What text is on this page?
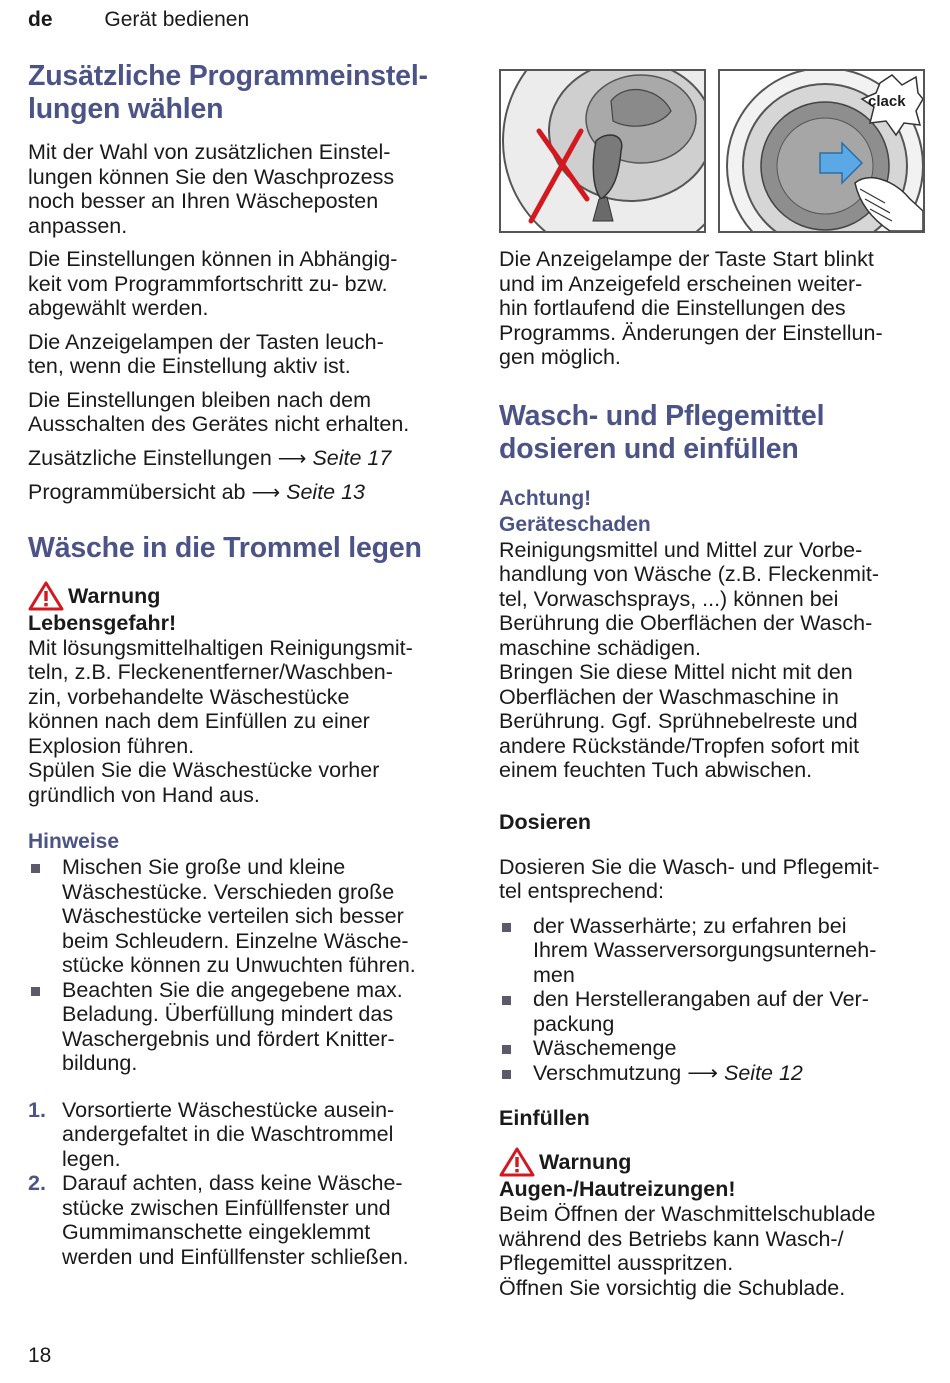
de Gerät bedienen
Zusätzliche Programmeinstel-
lungen wählen

Mit der Wahl von zusätzlichen Einstel-
lungen können Sie den Waschprozess
noch besser an Ihren Wäscheposten
anpassen.

Die Einstellungen können in Abhängig-
keit vom Programmfortschritt zu- bzw.
abgewählt werden.

Die Anzeigelampen der Tasten leuch-
ten, wenn die Einstellung aktiv ist.

Die Einstellungen bleiben nach dem
Ausschalten des Gerätes nicht erhalten.

Zusätzliche Einstellungen ⟶ Seite 17

Programmübersicht ab ⟶ Seite 13

Wäsche in die Trommel legen
Warnung

Lebensgefahr!

Mit lösungsmittelhaltigen Reinigungsmit-
teln, z.B. Fleckenentferner/Waschben-
zin, vorbehandelte Wäschestücke
können nach dem Einfüllen zu einer
Explosion führen.
Spülen Sie die Wäschestücke vorher
gründlich von Hand aus.

Hinweise

Mischen Sie große und kleine
Wäschestücke. Verschieden große
Wäschestücke verteilen sich besser
beim Schleudern. Einzelne Wäsche-
stücke können zu Unwuchten führen.
Beachten Sie die angegebene max.
Beladung. Überfüllung mindert das
Waschergebnis und fördert Knitter-
bildung.
1. Vorsortierte Wäschestücke ausein-
andergefaltet in die Waschtrommel
legen.
2. Darauf achten, dass keine Wäsche-
stücke zwischen Einfüllfenster und
Gummimanschette eingeklemmt
werden und Einfüllfenster schließen.
clack

Die Anzeigelampe der Taste Start blinkt
und im Anzeigefeld erscheinen weiter-
hin fortlaufend die Einstellungen des
Programms. Änderungen der Einstellun-
gen möglich.

Wasch- und Pflegemittel
dosieren und einfüllen

Achtung!

Geräteschaden

Reinigungsmittel und Mittel zur Vorbe-
handlung von Wäsche (z.B. Fleckenmit-
tel, Vorwaschsprays, ...) können bei
Berührung die Oberflächen der Wasch-
maschine schädigen.
Bringen Sie diese Mittel nicht mit den
Oberflächen der Waschmaschine in
Berührung. Ggf. Sprühnebelreste und
andere Rückstände/Tropfen sofort mit
einem feuchten Tuch abwischen.

Dosieren

Dosieren Sie die Wasch- und Pflegemit-
tel entsprechend:

der Wasserhärte; zu erfahren bei
Ihrem Wasserversorgungsunterneh-
men
den Herstellerangaben auf der Ver-
packung
Wäschemenge
Verschmutzung ⟶ Seite 12

Einfüllen

Warnung

Augen-/Hautreizungen!

Beim Öffnen der Waschmittelschublade
während des Betriebs kann Wasch-/
Pflegemittel ausspritzen.
Öffnen Sie vorsichtig die Schublade.

18
